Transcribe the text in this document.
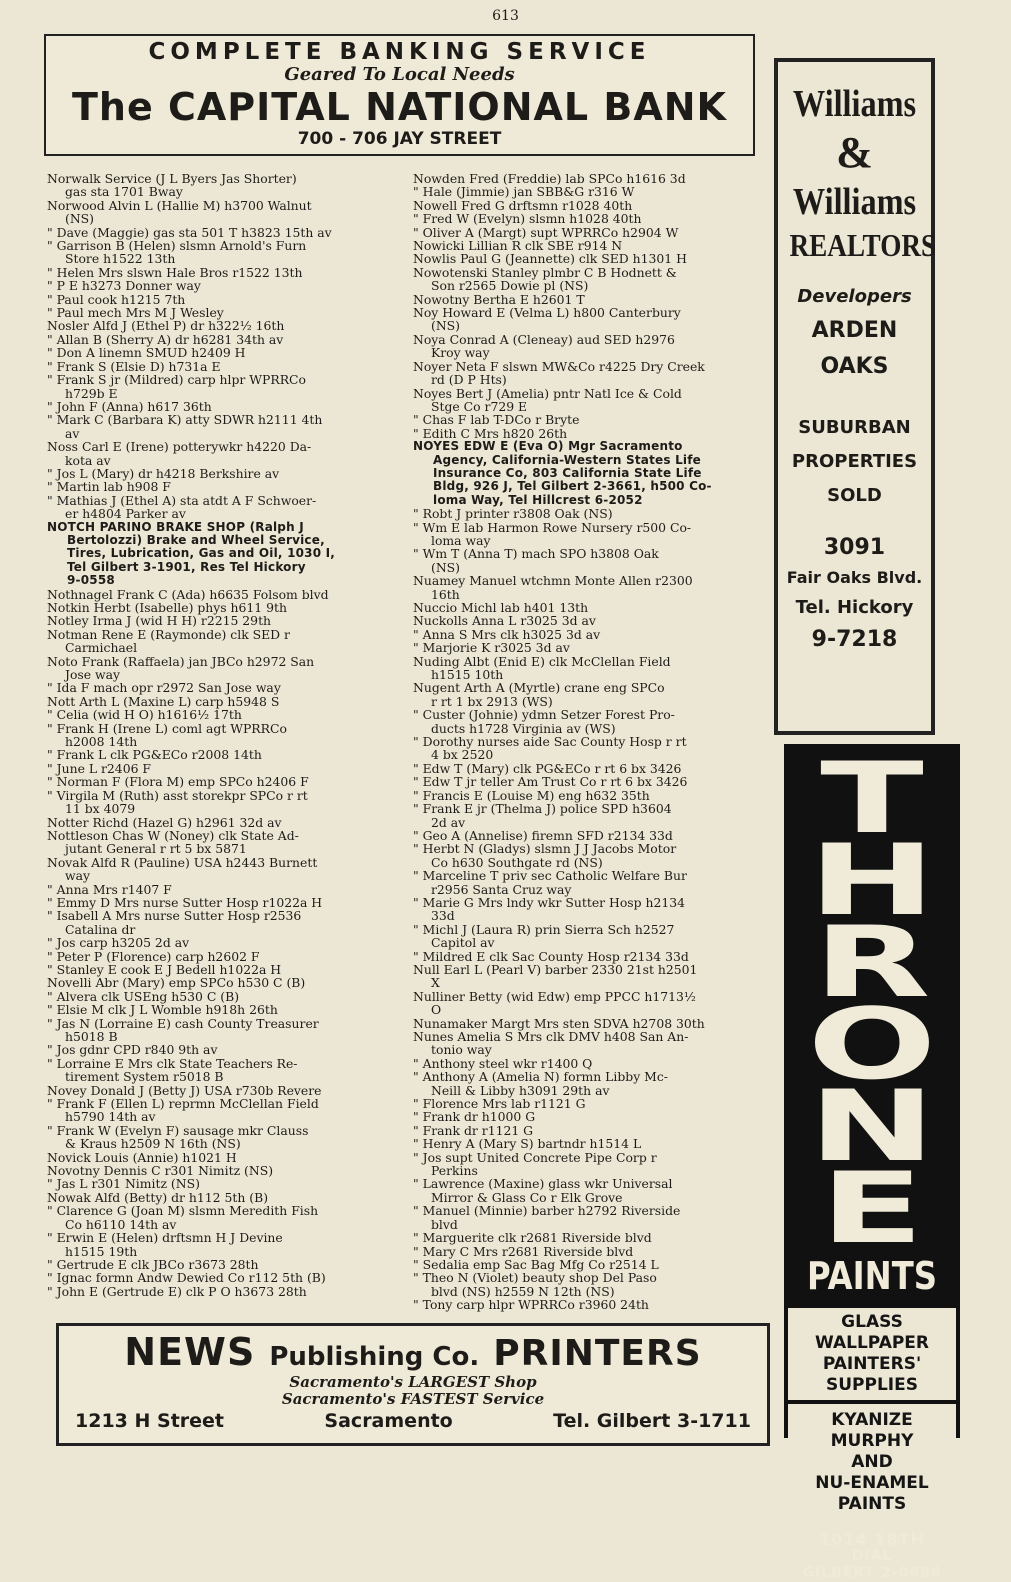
613
COMPLETE BANKING SERVICE
Geared To Local Needs
The CAPITAL NATIONAL BANK
700 - 706 JAY STREET
Norwalk Service (J L Byers Jas Shorter)
gas sta 1701 Bway
Norwood Alvin L (Hallie M) h3700 Walnut
(NS)
" Dave (Maggie) gas sta 501 T h3823 15th av
" Garrison B (Helen) slsmn Arnold's Furn
Store h1522 13th
" Helen Mrs slswn Hale Bros r1522 13th
" P E h3273 Donner way
" Paul cook h1215 7th
" Paul mech Mrs M J Wesley
Nosler Alfd J (Ethel P) dr h322½ 16th
" Allan B (Sherry A) dr h6281 34th av
" Don A linemn SMUD h2409 H
" Frank S (Elsie D) h731a E
" Frank S jr (Mildred) carp hlpr WPRRCo
h729b E
" John F (Anna) h617 36th
" Mark C (Barbara K) atty SDWR h2111 4th
av
Noss Carl E (Irene) potterywkr h4220 Da-
kota av
" Jos L (Mary) dr h4218 Berkshire av
" Martin lab h908 F
" Mathias J (Ethel A) sta atdt A F Schwoer-
er h4804 Parker av
NOTCH PARINO BRAKE SHOP (Ralph J
Bertolozzi) Brake and Wheel Service,
Tires, Lubrication, Gas and Oil, 1030 I,
Tel Gilbert 3-1901, Res Tel Hickory
9-0558
Nothnagel Frank C (Ada) h6635 Folsom blvd
Notkin Herbt (Isabelle) phys h611 9th
Notley Irma J (wid H H) r2215 29th
Notman Rene E (Raymonde) clk SED r
Carmichael
Noto Frank (Raffaela) jan JBCo h2972 San
Jose way
" Ida F mach opr r2972 San Jose way
Nott Arth L (Maxine L) carp h5948 S
" Celia (wid H O) h1616½ 17th
" Frank H (Irene L) coml agt WPRRCo
h2008 14th
" Frank L clk PG&ECo r2008 14th
" June L r2406 F
" Norman F (Flora M) emp SPCo h2406 F
" Virgila M (Ruth) asst storekpr SPCo r rt
11 bx 4079
Notter Richd (Hazel G) h2961 32d av
Nottleson Chas W (Noney) clk State Ad-
jutant General r rt 5 bx 5871
Novak Alfd R (Pauline) USA h2443 Burnett
way
" Anna Mrs r1407 F
" Emmy D Mrs nurse Sutter Hosp r1022a H
" Isabell A Mrs nurse Sutter Hosp r2536
Catalina dr
" Jos carp h3205 2d av
" Peter P (Florence) carp h2602 F
" Stanley E cook E J Bedell h1022a H
Novelli Abr (Mary) emp SPCo h530 C (B)
" Alvera clk USEng h530 C (B)
" Elsie M clk J L Womble h918h 26th
" Jas N (Lorraine E) cash County Treasurer
h5018 B
" Jos gdnr CPD r840 9th av
" Lorraine E Mrs clk State Teachers Re-
tirement System r5018 B
Novey Donald J (Betty J) USA r730b Revere
" Frank F (Ellen L) reprmn McClellan Field
h5790 14th av
" Frank W (Evelyn F) sausage mkr Clauss
& Kraus h2509 N 16th (NS)
Novick Louis (Annie) h1021 H
Novotny Dennis C r301 Nimitz (NS)
" Jas L r301 Nimitz (NS)
Nowak Alfd (Betty) dr h112 5th (B)
" Clarence G (Joan M) slsmn Meredith Fish
Co h6110 14th av
" Erwin E (Helen) drftsmn H J Devine
h1515 19th
" Gertrude E clk JBCo r3673 28th
" Ignac formn Andw Dewied Co r112 5th (B)
" John E (Gertrude E) clk P O h3673 28th
Nowden Fred (Freddie) lab SPCo h1616 3d
" Hale (Jimmie) jan SBB&G r316 W
Nowell Fred G drftsmn r1028 40th
" Fred W (Evelyn) slsmn h1028 40th
" Oliver A (Margt) supt WPRRCo h2904 W
Nowicki Lillian R clk SBE r914 N
Nowlis Paul G (Jeannette) clk SED h1301 H
Nowotenski Stanley plmbr C B Hodnett &
Son r2565 Dowie pl (NS)
Nowotny Bertha E h2601 T
Noy Howard E (Velma L) h800 Canterbury
(NS)
Noya Conrad A (Cleneay) aud SED h2976
Kroy way
Noyer Neta F slswn MW&Co r4225 Dry Creek
rd (D P Hts)
Noyes Bert J (Amelia) pntr Natl Ice & Cold
Stge Co r729 E
" Chas F lab T-DCo r Bryte
" Edith C Mrs h820 26th
NOYES EDW E (Eva O) Mgr Sacramento
Agency, California-Western States Life
Insurance Co, 803 California State Life
Bldg, 926 J, Tel Gilbert 2-3661, h500 Co-
loma Way, Tel Hillcrest 6-2052
" Robt J printer r3808 Oak (NS)
" Wm E lab Harmon Rowe Nursery r500 Co-
loma way
" Wm T (Anna T) mach SPO h3808 Oak
(NS)
Nuamey Manuel wtchmn Monte Allen r2300
16th
Nuccio Michl lab h401 13th
Nuckolls Anna L r3025 3d av
" Anna S Mrs clk h3025 3d av
" Marjorie K r3025 3d av
Nuding Albt (Enid E) clk McClellan Field
h1515 10th
Nugent Arth A (Myrtle) crane eng SPCo
r rt 1 bx 2913 (WS)
" Custer (Johnie) ydmn Setzer Forest Pro-
ducts h1728 Virginia av (WS)
" Dorothy nurses aide Sac County Hosp r rt
4 bx 2520
" Edw T (Mary) clk PG&ECo r rt 6 bx 3426
" Edw T jr teller Am Trust Co r rt 6 bx 3426
" Francis E (Louise M) eng h632 35th
" Frank E jr (Thelma J) police SPD h3604
2d av
" Geo A (Annelise) firemn SFD r2134 33d
" Herbt N (Gladys) slsmn J J Jacobs Motor
Co h630 Southgate rd (NS)
" Marceline T priv sec Catholic Welfare Bur
r2956 Santa Cruz way
" Marie G Mrs lndy wkr Sutter Hosp h2134
33d
" Michl J (Laura R) prin Sierra Sch h2527
Capitol av
" Mildred E clk Sac County Hosp r2134 33d
Null Earl L (Pearl V) barber 2330 21st h2501
X
Nulliner Betty (wid Edw) emp PPCC h1713½
O
Nunamaker Margt Mrs sten SDVA h2708 30th
Nunes Amelia S Mrs clk DMV h408 San An-
tonio way
" Anthony steel wkr r1400 Q
" Anthony A (Amelia N) formn Libby Mc-
Neill & Libby h3091 29th av
" Florence Mrs lab r1121 G
" Frank dr h1000 G
" Frank dr r1121 G
" Henry A (Mary S) bartndr h1514 L
" Jos supt United Concrete Pipe Corp r
Perkins
" Lawrence (Maxine) glass wkr Universal
Mirror & Glass Co r Elk Grove
" Manuel (Minnie) barber h2792 Riverside
blvd
" Marguerite clk r2681 Riverside blvd
" Mary C Mrs r2681 Riverside blvd
" Sedalia emp Sac Bag Mfg Co r2514 L
" Theo N (Violet) beauty shop Del Paso
blvd (NS) h2559 N 12th (NS)
" Tony carp hlpr WPRRCo r3960 24th
Williams
&
Williams
REALTORS
Developers
ARDEN
OAKS
SUBURBAN
PROPERTIES
SOLD
3091
Fair Oaks Blvd.
Tel. Hickory
9-7218
T
H
R
O
N
E
PAINTS
GLASS
WALLPAPER
PAINTERS'
SUPPLIES
KYANIZE
MURPHY
AND
NU-ENAMEL
PAINTS
1014 18TH
DIAL
GILBERT 2-0686
NEWS Publishing Co. PRINTERS
Sacramento's LARGEST Shop
Sacramento's FASTEST Service
1213 H Street	Sacramento	Tel. Gilbert 3-1711
